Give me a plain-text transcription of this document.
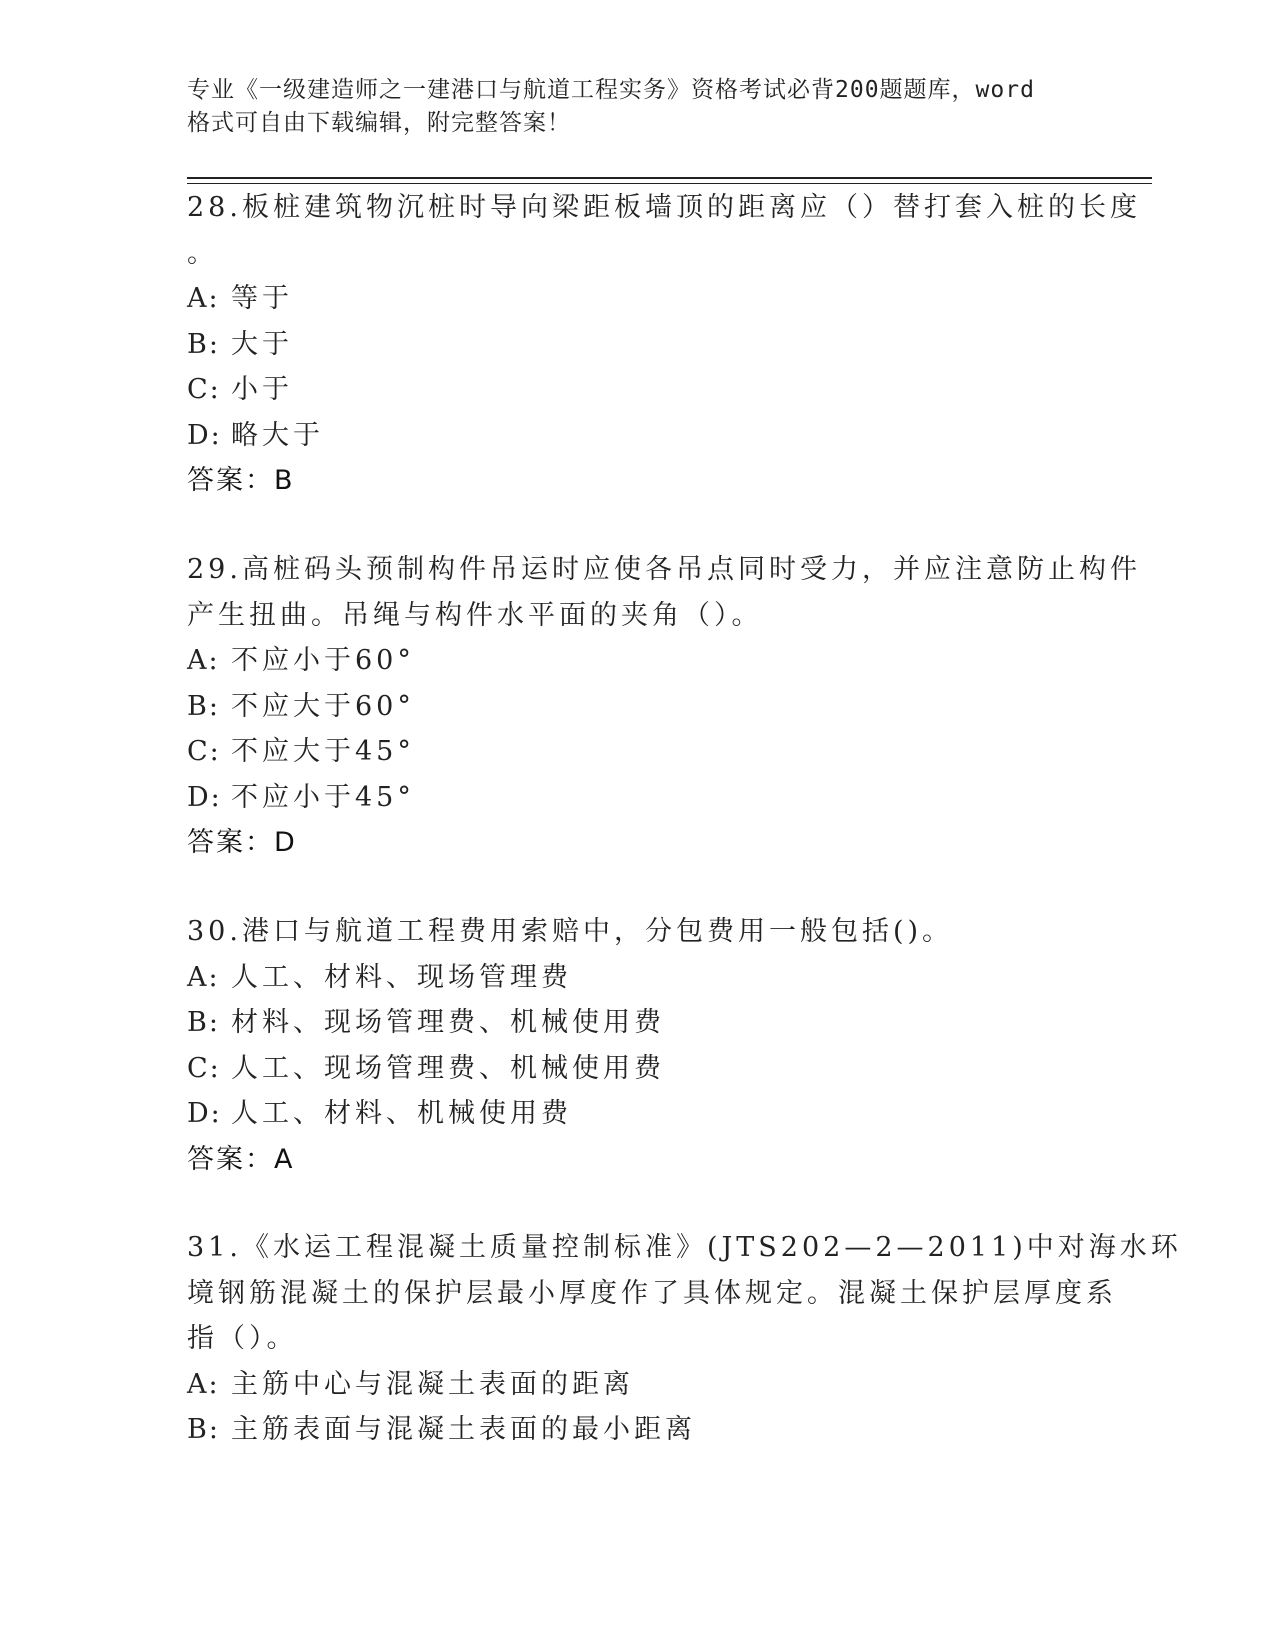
专业《一级建造师之一建港口与航道工程实务》资格考试必背200题题库，word
格式可自由下载编辑，附完整答案！
28.板桩建筑物沉桩时导向梁距板墙顶的距离应（）替打套入桩的长度
。
A: 等于
B: 大于
C: 小于
D: 略大于
答案：B
29.高桩码头预制构件吊运时应使各吊点同时受力，并应注意防止构件
产生扭曲。吊绳与构件水平面的夹角（）。
A: 不应小于60°
B: 不应大于60°
C: 不应大于45°
D: 不应小于45°
答案：D
30.港口与航道工程费用索赔中，分包费用一般包括()。
A: 人工、材料、现场管理费
B: 材料、现场管理费、机械使用费
C: 人工、现场管理费、机械使用费
D: 人工、材料、机械使用费
答案：A
31.《水运工程混凝土质量控制标准》(JTS202—2—2011)中对海水环
境钢筋混凝土的保护层最小厚度作了具体规定。混凝土保护层厚度系
指（）。
A: 主筋中心与混凝土表面的距离
B: 主筋表面与混凝土表面的最小距离
